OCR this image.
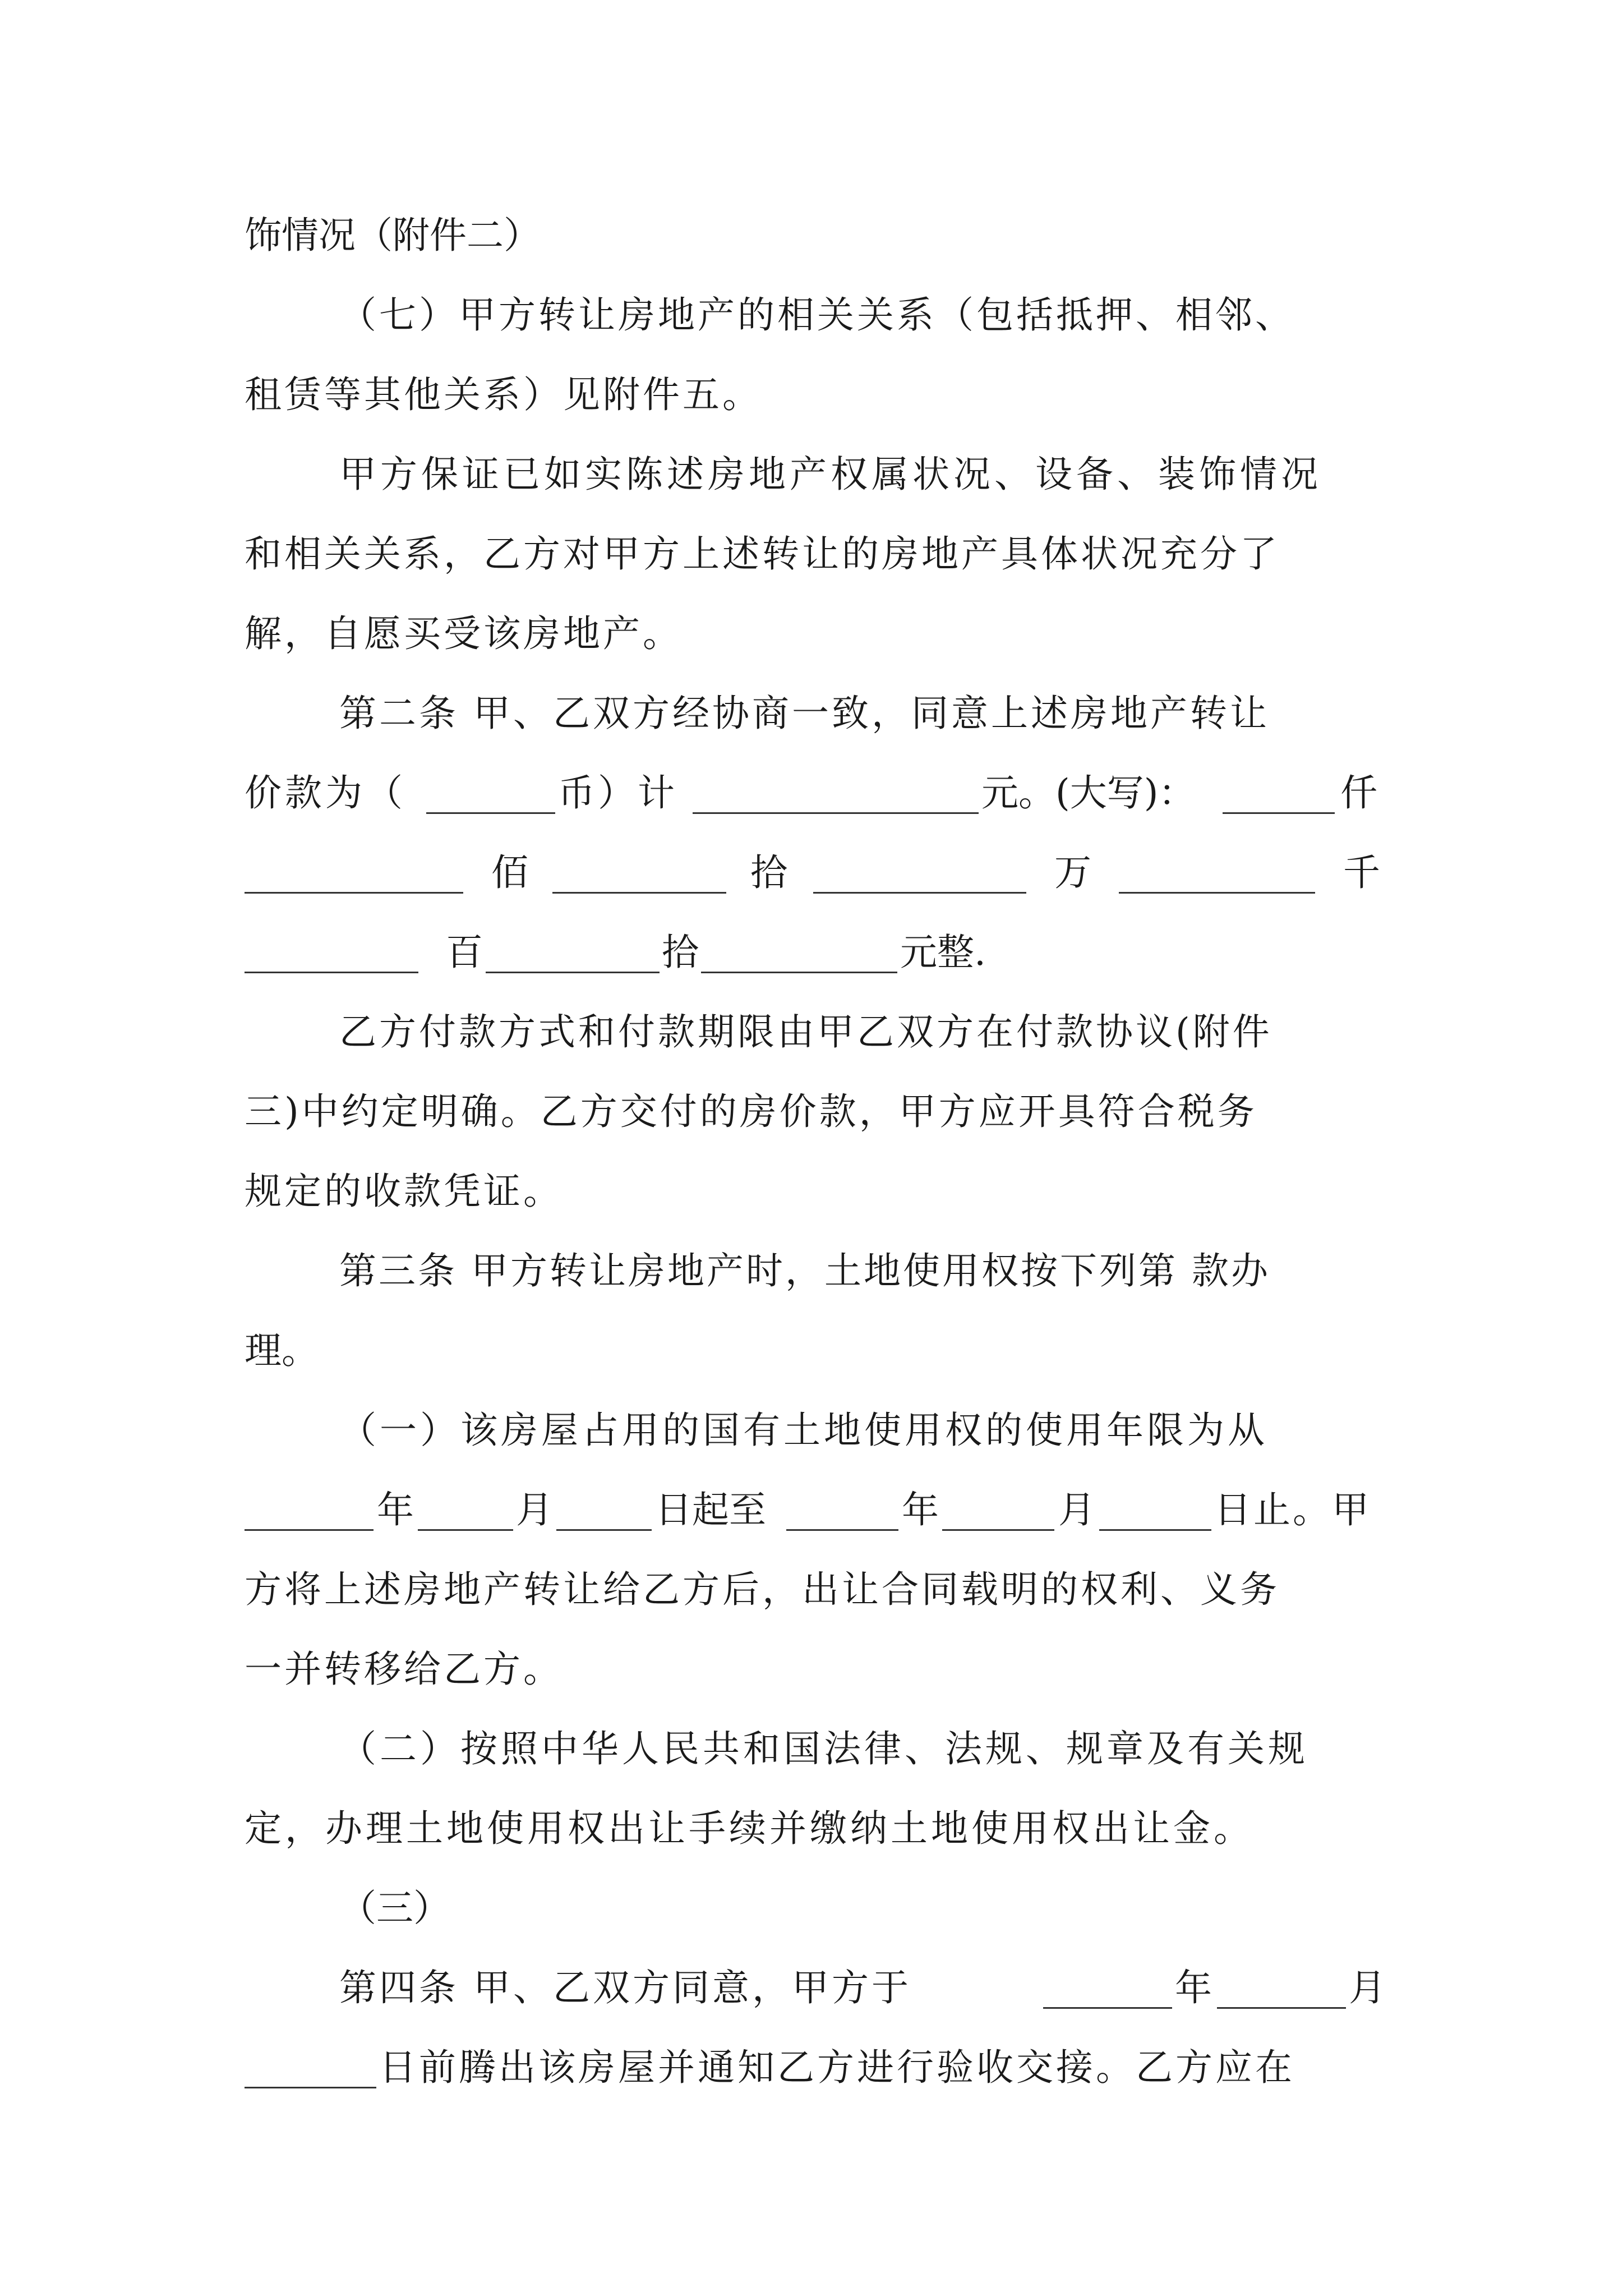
饰情况（附件二）
（七）甲方转让房地产的相关关系（包括抵押、相邻、
租赁等其他关系）见附件五。
甲方保证已如实陈述房地产权属状况、设备、装饰情况
和相关关系，乙方对甲方上述转让的房地产具体状况充分了
解，自愿买受该房地产。
第二条 甲、乙双方经协商一致，同意上述房地产转让
价款为（	币）计	元。(大写)：	仟
佰	拾	万	千
百	拾	元整.
乙方付款方式和付款期限由甲乙双方在付款协议(附件
三)中约定明确。乙方交付的房价款，甲方应开具符合税务
规定的收款凭证。
第三条 甲方转让房地产时，土地使用权按下列第 款办
理。
（一）该房屋占用的国有土地使用权的使用年限为从
年	月	日起至	年	月	日止。甲
方将上述房地产转让给乙方后，出让合同载明的权利、义务
一并转移给乙方。
（二）按照中华人民共和国法律、法规、规章及有关规
定，办理土地使用权出让手续并缴纳土地使用权出让金。
（三）
第四条 甲、乙双方同意，甲方于	年	月
日前腾出该房屋并通知乙方进行验收交接。乙方应在
